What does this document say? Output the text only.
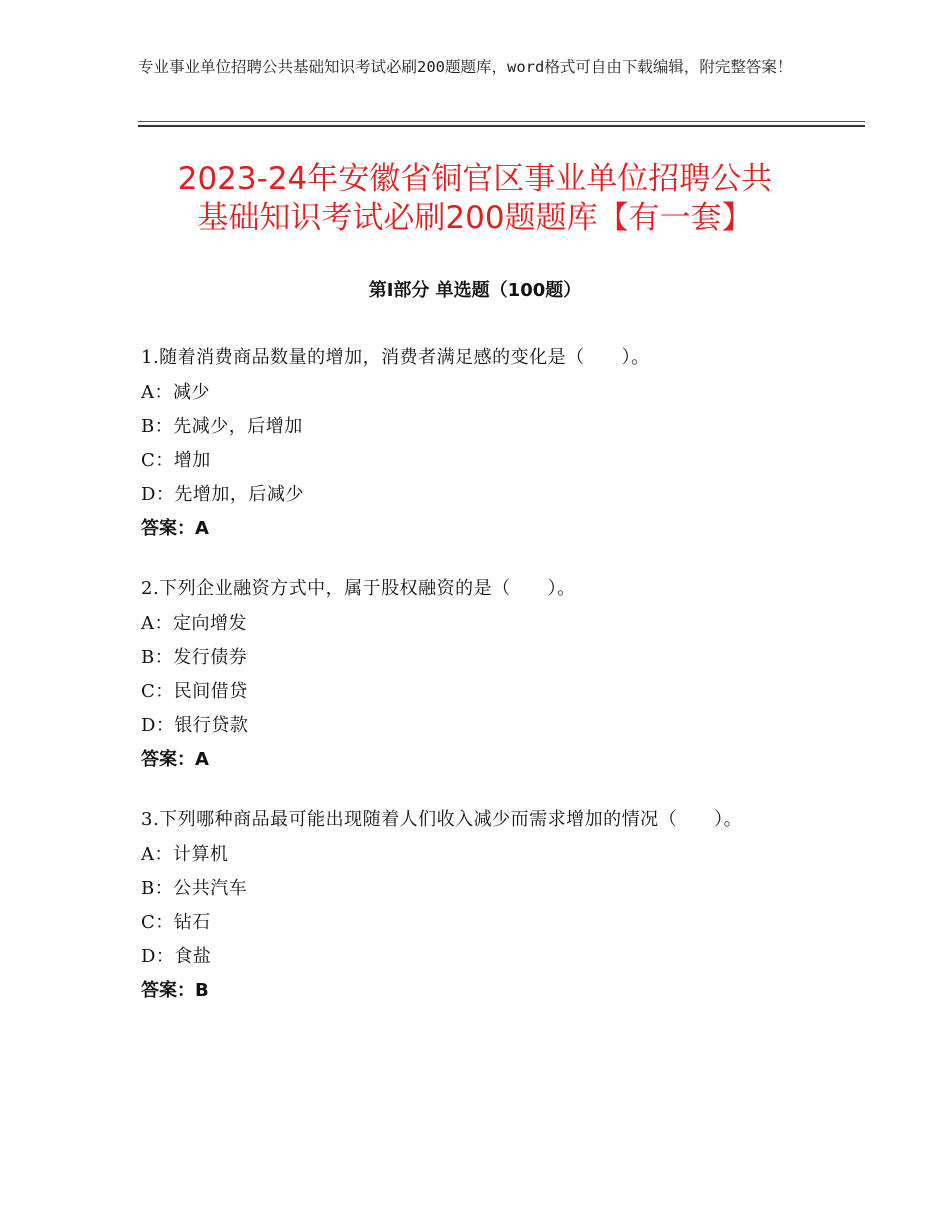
专业事业单位招聘公共基础知识考试必刷200题题库，word格式可自由下载编辑，附完整答案！
2023-24年安徽省铜官区事业单位招聘公共
基础知识考试必刷200题题库【有一套】
第Ⅰ部分 单选题（100题）
1.随着消费商品数量的增加，消费者满足感的变化是（　　）。
A：减少
B：先减少，后增加
C：增加
D：先增加，后减少
答案：A
2.下列企业融资方式中，属于股权融资的是（　　）。
A：定向增发
B：发行债券
C：民间借贷
D：银行贷款
答案：A
3.下列哪种商品最可能出现随着人们收入减少而需求增加的情况（　　）。
A：计算机
B：公共汽车
C：钻石
D：食盐
答案：B
